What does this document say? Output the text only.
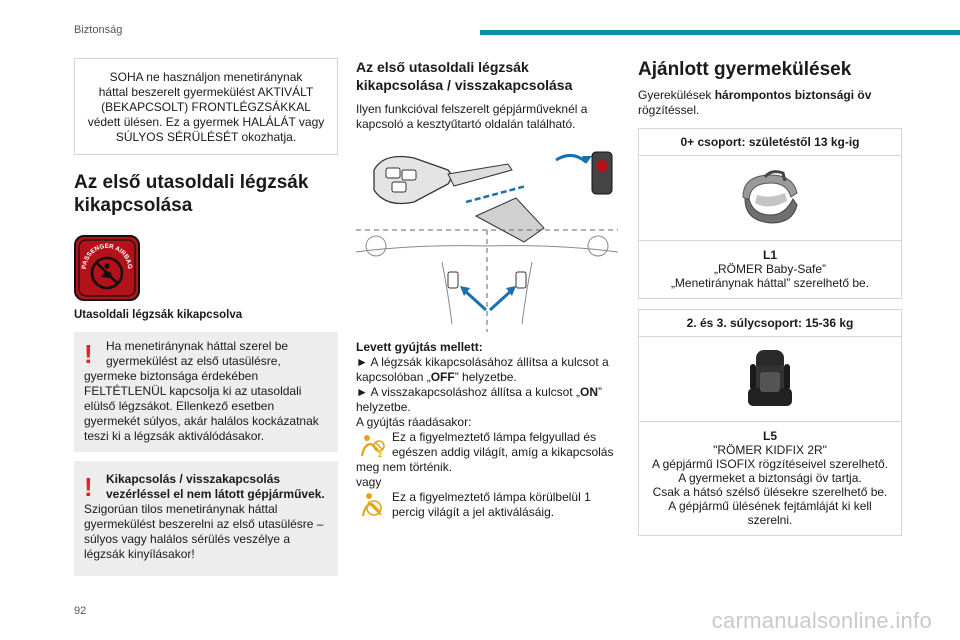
Biztonság
SOHA ne használjon menetiránynak
háttal beszerelt gyermekülést AKTIVÁLT
(BEKAPCSOLT) FRONTLÉGZSÁKKAL
védett ülésen. Ez a gyermek HALÁLÁT vagy
SÚLYOS SÉRÜLÉSÉT okozhatja.
Az első utasoldali légzsák kikapcsolása
PASSENGER AIRBAG
Utasoldali légzsák kikapcsolva
!	Ha menetiránynak háttal szerel be gyermekülést az első utasülésre, gyermeke biztonsága érdekében FELTÉTLENÜL kapcsolja ki az utasoldali elülső légzsákot. Ellenkező esetben gyermekét súlyos, akár halálos kockázatnak teszi ki a légzsák aktiválódásakor.
!	Kikapcsolás / visszakapcsolás vezérléssel el nem látott gépjárművek.
Szigorúan tilos menetiránynak háttal gyermekülést beszerelni az első utasülésre – súlyos vagy halálos sérülés veszélye a légzsák kinyílásakor!
Az első utasoldali légzsák kikapcsolása / visszakapcsolása

Ilyen funkcióval felszerelt gépjárműveknél a kapcsoló a kesztyűtartó oldalán található.

Levett gyújtás mellett:

► A légzsák kikapcsolásához állítsa a kulcsot a kapcsolóban „OFF” helyzetbe.

► A visszakapcsoláshoz állítsa a kulcsot „ON” helyzetbe.

A gyújtás ráadásakor:

2
Ez a figyelmeztető lámpa felgyullad és egészen addig világít, amíg a kikapcsolás meg nem történik.

vagy

Ez a figyelmeztető lámpa körülbelül 1 percig világít a jel aktiválásáig.
Ajánlott gyermekülések

Gyerekülések hárompontos biztonsági öv rögzítéssel.

0+ csoport: születéstől 13 kg-ig
L1
„RÖMER Baby-Safe”
„Menetiránynak háttal” szerelhető be.
2. és 3. súlycsoport: 15-36 kg
L5
"RÖMER KIDFIX 2R"
A gépjármű ISOFIX rögzítéseivel szerelhető.
A gyermeket a biztonsági öv tartja.
Csak a hátsó szélső ülésekre szerelhető be.
A gépjármű ülésének fejtámláját ki kell szerelni.
92	carmanualsonline.info
